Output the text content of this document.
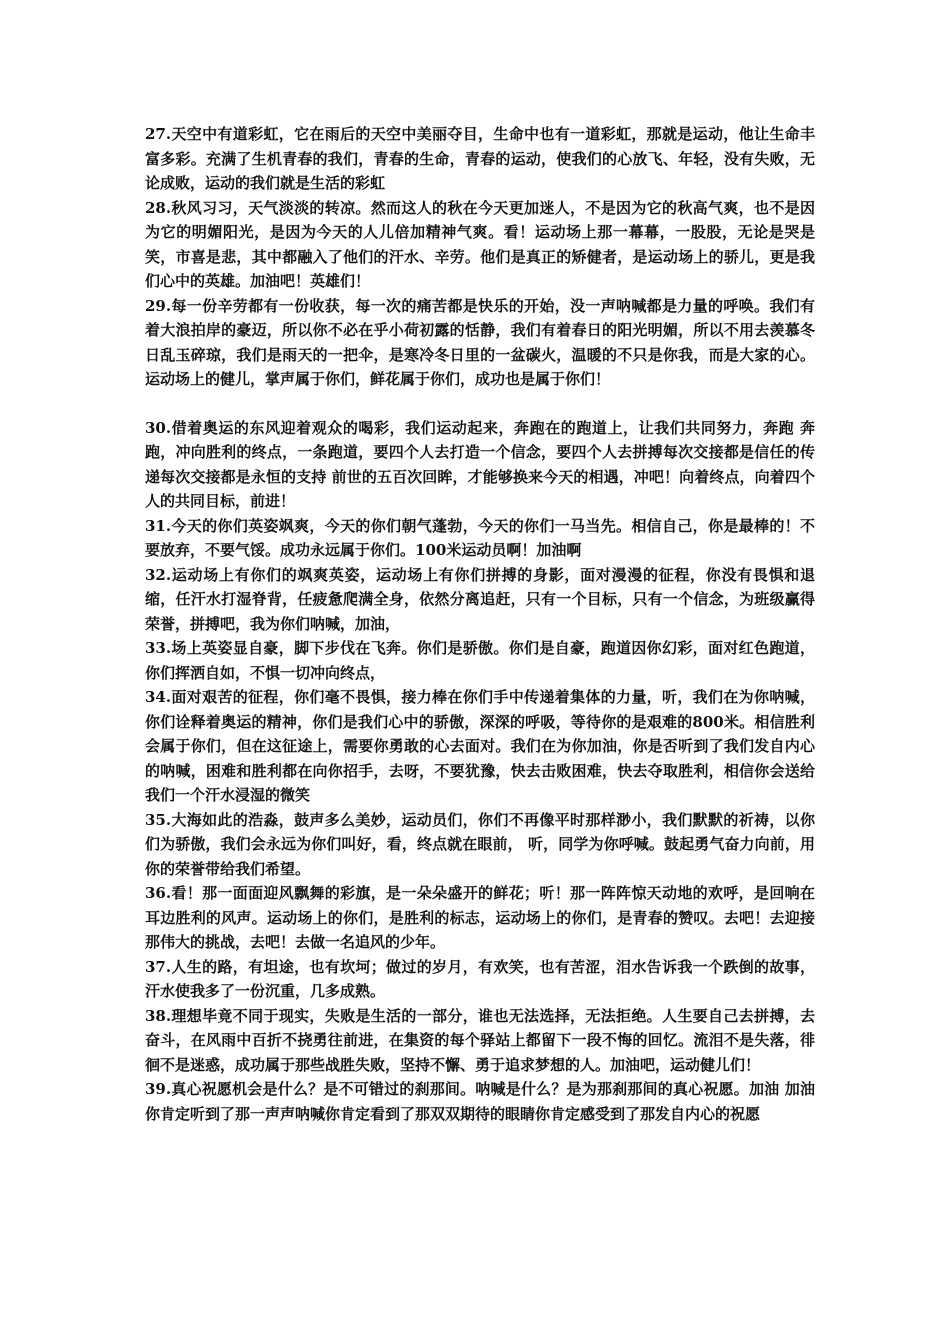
27.天空中有道彩虹，它在雨后的天空中美丽夺目，生命中也有一道彩虹，那就是运动，他让生命丰富多彩。充满了生机青春的我们，青春的生命，青春的运动，使我们的心放飞、年轻，没有失败，无论成败，运动的我们就是生活的彩虹

28.秋风习习，天气淡淡的转凉。然而这人的秋在今天更加迷人，不是因为它的秋高气爽，也不是因为它的明媚阳光，是因为今天的人儿倍加精神气爽。看！运动场上那一幕幕，一股股，无论是哭是笑，市喜是悲，其中都融入了他们的汗水、辛劳。他们是真正的矫健者，是运动场上的骄儿，更是我们心中的英雄。加油吧！英雄们！

29.每一份辛劳都有一份收获，每一次的痛苦都是快乐的开始，没一声呐喊都是力量的呼唤。我们有着大浪拍岸的豪迈，所以你不必在乎小荷初露的恬静，我们有着春日的阳光明媚，所以不用去羡慕冬日乱玉碎琼，我们是雨天的一把伞，是寒冷冬日里的一盆碳火，温暖的不只是你我，而是大家的心。运动场上的健儿，掌声属于你们，鲜花属于你们，成功也是属于你们！

30.借着奥运的东风迎着观众的喝彩，我们运动起来，奔跑在的跑道上，让我们共同努力，奔跑 奔跑，冲向胜利的终点，一条跑道，要四个人去打造一个信念，要四个人去拼搏每次交接都是信任的传递每次交接都是永恒的支持 前世的五百次回眸，才能够换来今天的相遇，冲吧！向着终点，向着四个人的共同目标，前进！

31.今天的你们英姿飒爽，今天的你们朝气蓬勃，今天的你们一马当先。相信自己，你是最棒的！不要放弃，不要气馁。成功永远属于你们。100米运动员啊！加油啊

32.运动场上有你们的飒爽英姿，运动场上有你们拼搏的身影，面对漫漫的征程，你没有畏惧和退缩，任汗水打湿脊背，任疲惫爬满全身，依然分离追赶，只有一个目标，只有一个信念，为班级赢得荣誉，拼搏吧，我为你们呐喊，加油，

33.场上英姿显自豪，脚下步伐在飞奔。你们是骄傲。你们是自豪，跑道因你幻彩，面对红色跑道，你们挥洒自如，不惧一切冲向终点，

34.面对艰苦的征程，你们毫不畏惧，接力棒在你们手中传递着集体的力量，听，我们在为你呐喊，你们诠释着奥运的精神，你们是我们心中的骄傲，深深的呼吸，等待你的是艰难的800米。相信胜利会属于你们，但在这征途上，需要你勇敢的心去面对。我们在为你加油，你是否听到了我们发自内心的呐喊，困难和胜利都在向你招手，去呀，不要犹豫，快去击败困难，快去夺取胜利，相信你会送给我们一个汗水浸湿的微笑

35.大海如此的浩淼，鼓声多么美妙，运动员们，你们不再像平时那样渺小，我们默默的祈祷，以你们为骄傲，我们会永远为你们叫好，看，终点就在眼前， 听，同学为你呼喊。鼓起勇气奋力向前，用你的荣誉带给我们希望。

36.看！那一面面迎风飘舞的彩旗，是一朵朵盛开的鲜花；听！那一阵阵惊天动地的欢呼，是回响在耳边胜利的风声。运动场上的你们，是胜利的标志，运动场上的你们，是青春的赞叹。去吧！去迎接那伟大的挑战，去吧！去做一名追风的少年。

37.人生的路，有坦途，也有坎坷；做过的岁月，有欢笑，也有苦涩，泪水告诉我一个跌倒的故事，汗水使我多了一份沉重，几多成熟。

38.理想毕竟不同于现实，失败是生活的一部分，谁也无法选择，无法拒绝。人生要自己去拼搏，去奋斗，在风雨中百折不挠勇往前进，在集资的每个驿站上都留下一段不悔的回忆。流泪不是失落，徘徊不是迷惑，成功属于那些战胜失败，坚持不懈、勇于追求梦想的人。加油吧，运动健儿们！

39.真心祝愿机会是什么？是不可错过的刹那间。呐喊是什么？是为那刹那间的真心祝愿。加油 加油你肯定听到了那一声声呐喊你肯定看到了那双双期待的眼睛你肯定感受到了那发自内心的祝愿
